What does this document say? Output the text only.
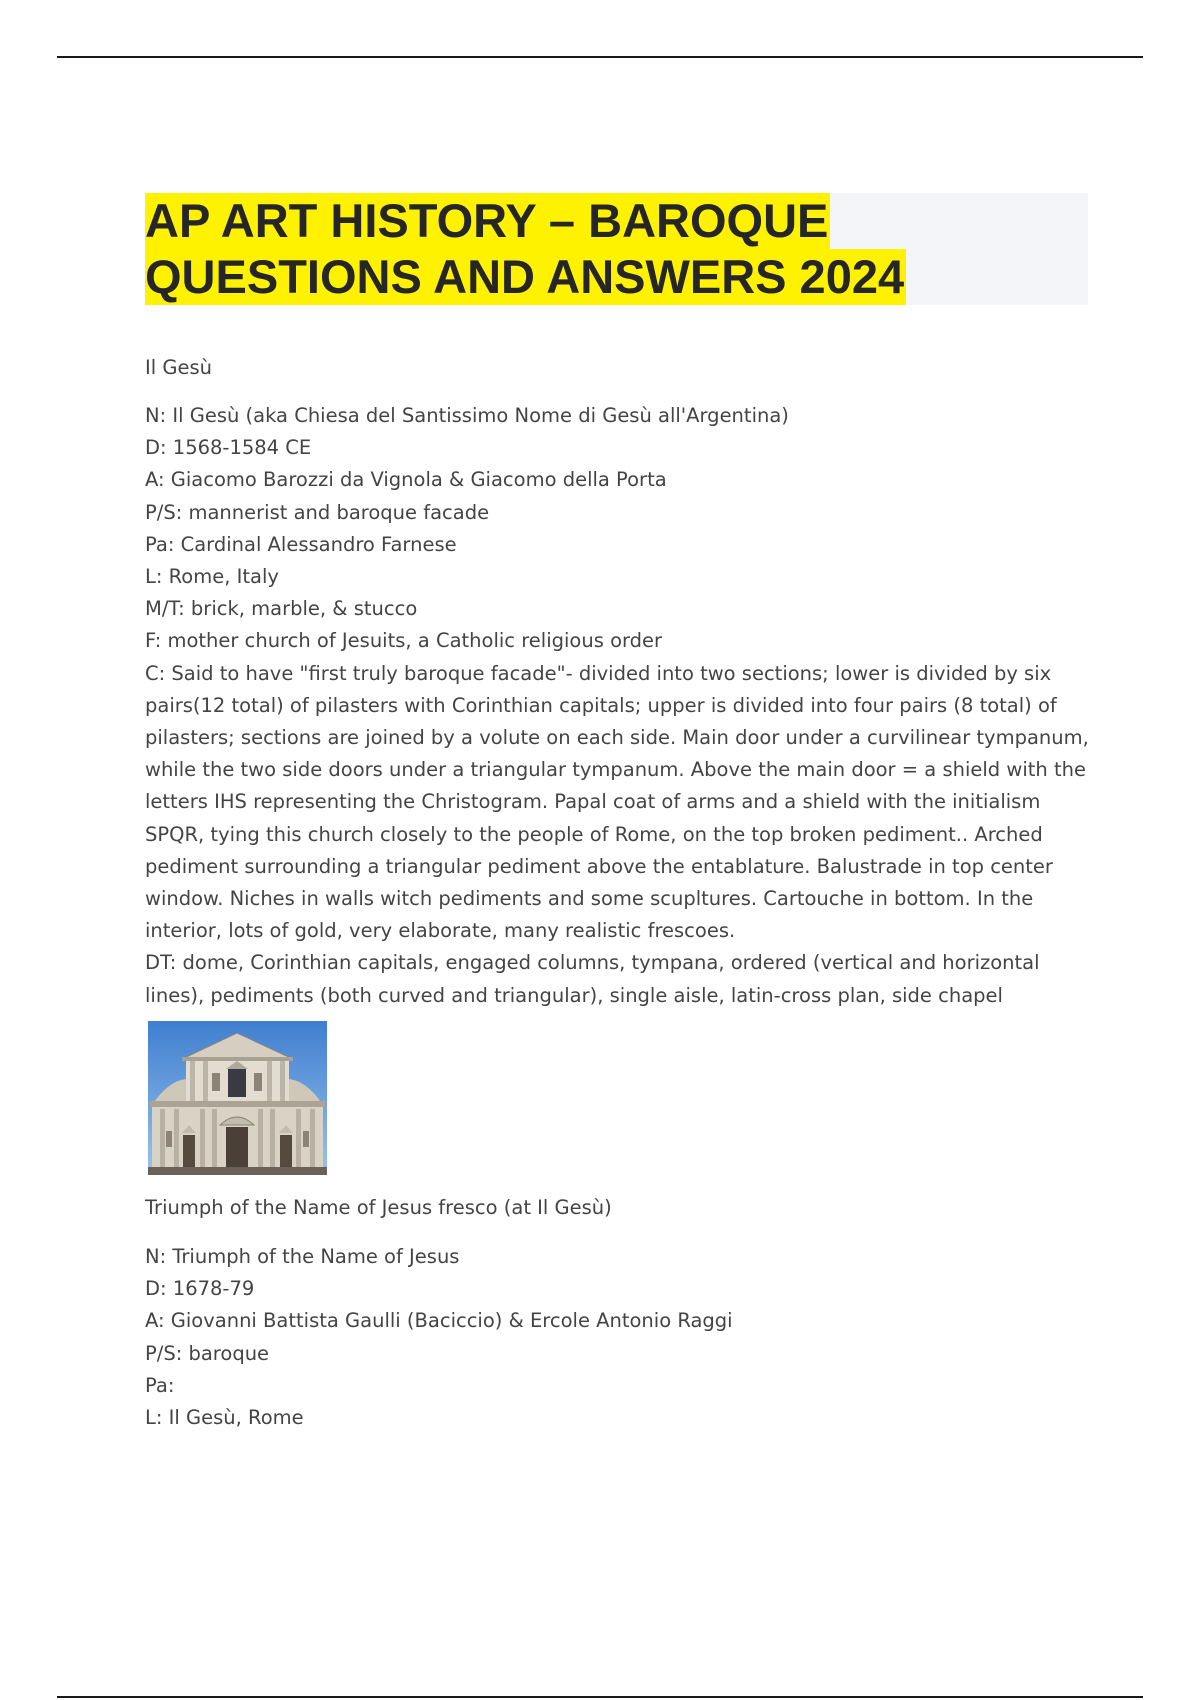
AP ART HISTORY – BAROQUE
QUESTIONS AND ANSWERS 2024
Il Gesù
N: Il Gesù (aka Chiesa del Santissimo Nome di Gesù all'Argentina)
D: 1568-1584 CE
A: Giacomo Barozzi da Vignola & Giacomo della Porta
P/S: mannerist and baroque facade
Pa: Cardinal Alessandro Farnese
L: Rome, Italy
M/T: brick, marble, & stucco
F: mother church of Jesuits, a Catholic religious order
C: Said to have "first truly baroque facade"- divided into two sections; lower is divided by six pairs(12 total) of pilasters with Corinthian capitals; upper is divided into four pairs (8 total) of pilasters; sections are joined by a volute on each side. Main door under a curvilinear tympanum, while the two side doors under a triangular tympanum. Above the main door = a shield with the letters IHS representing the Christogram. Papal coat of arms and a shield with the initialism SPQR, tying this church closely to the people of Rome, on the top broken pediment.. Arched pediment surrounding a triangular pediment above the entablature. Balustrade in top center window. Niches in walls witch pediments and some scupltures. Cartouche in bottom. In the interior, lots of gold, very elaborate, many realistic frescoes.
DT: dome, Corinthian capitals, engaged columns, tympana, ordered (vertical and horizontal lines), pediments (both curved and triangular), single aisle, latin-cross plan, side chapel
Triumph of the Name of Jesus fresco (at Il Gesù)
N: Triumph of the Name of Jesus
D: 1678-79
A: Giovanni Battista Gaulli (Baciccio) & Ercole Antonio Raggi
P/S: baroque
Pa:
L: Il Gesù, Rome
